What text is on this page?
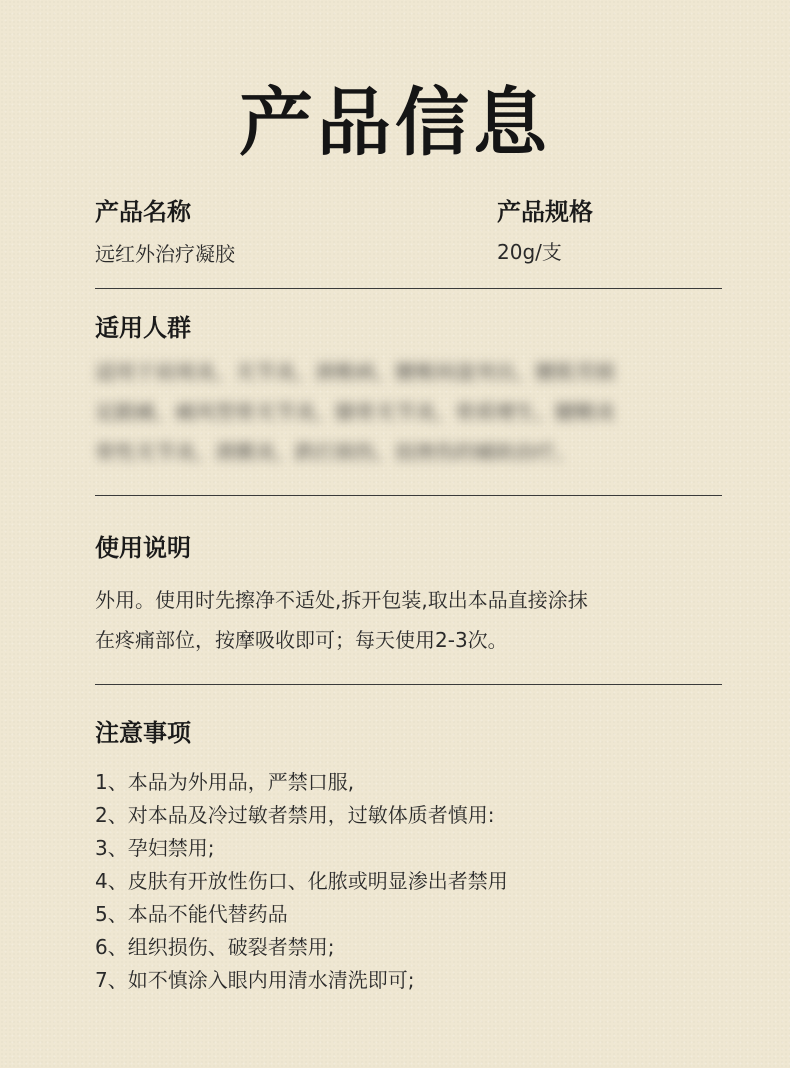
产品信息
产品名称
远红外治疗凝胶
产品规格
20g/支
适用人群
适用于肩周炎、关节炎、颈椎病、腰椎间盘突出、腰肌劳损
足跟痛、痛风型骨关节炎、膝骨关节炎、骨质增生、腱鞘炎
骨性关节炎、滑膜炎、跌打损伤、扭挫伤的辅助治疗。
使用说明
外用。使用时先擦净不适处,拆开包装,取出本品直接涂抹
在疼痛部位，按摩吸收即可；每天使用2-3次。
注意事项
1、本品为外用品，严禁口服,
2、对本品及冷过敏者禁用，过敏体质者慎用:
3、孕妇禁用;
4、皮肤有开放性伤口、化脓或明显渗出者禁用
5、本品不能代替药品
6、组织损伤、破裂者禁用;
7、如不慎涂入眼内用清水清洗即可;
